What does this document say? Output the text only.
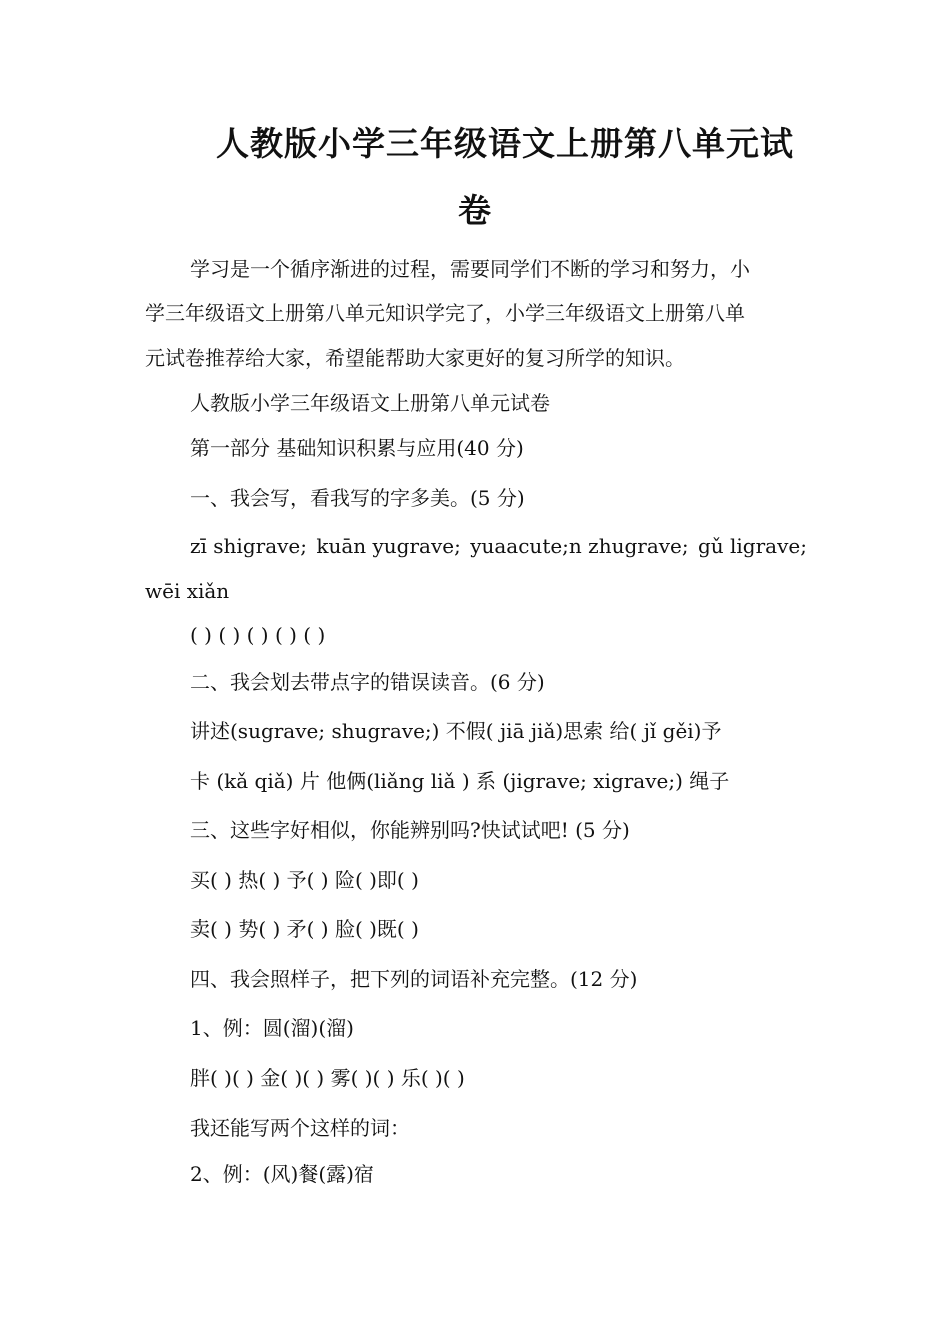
人教版小学三年级语文上册第八单元试
卷
学习是一个循序渐进的过程，需要同学们不断的学习和努力，小
学三年级语文上册第八单元知识学完了，小学三年级语文上册第八单
元试卷推荐给大家，希望能帮助大家更好的复习所学的知识。
人教版小学三年级语文上册第八单元试卷
第一部分 基础知识积累与应用(40 分)
一、我会写，看我写的字多美。(5 分)
zī shigrave; kuān yugrave; yuaacute;n zhugrave; gǔ ligrave;
wēi xiǎn
( ) ( ) ( ) ( ) ( )
二、我会划去带点字的错误读音。(6 分)
讲述(sugrave; shugrave;) 不假( jiā jiǎ)思索 给( jǐ gěi)予
卡 (kǎ qiǎ) 片 他俩(liǎng liǎ ) 系 (jigrave; xigrave;) 绳子
三、这些字好相似，你能辨别吗?快试试吧! (5 分)
买( ) 热( ) 予( ) 险( )即( )
卖( ) 势( ) 矛( ) 脸( )既( )
四、我会照样子，把下列的词语补充完整。(12 分)
1、例：圆(溜)(溜)
胖( )( ) 金( )( ) 雾( )( ) 乐( )( )
我还能写两个这样的词：
2、例：(风)餐(露)宿
